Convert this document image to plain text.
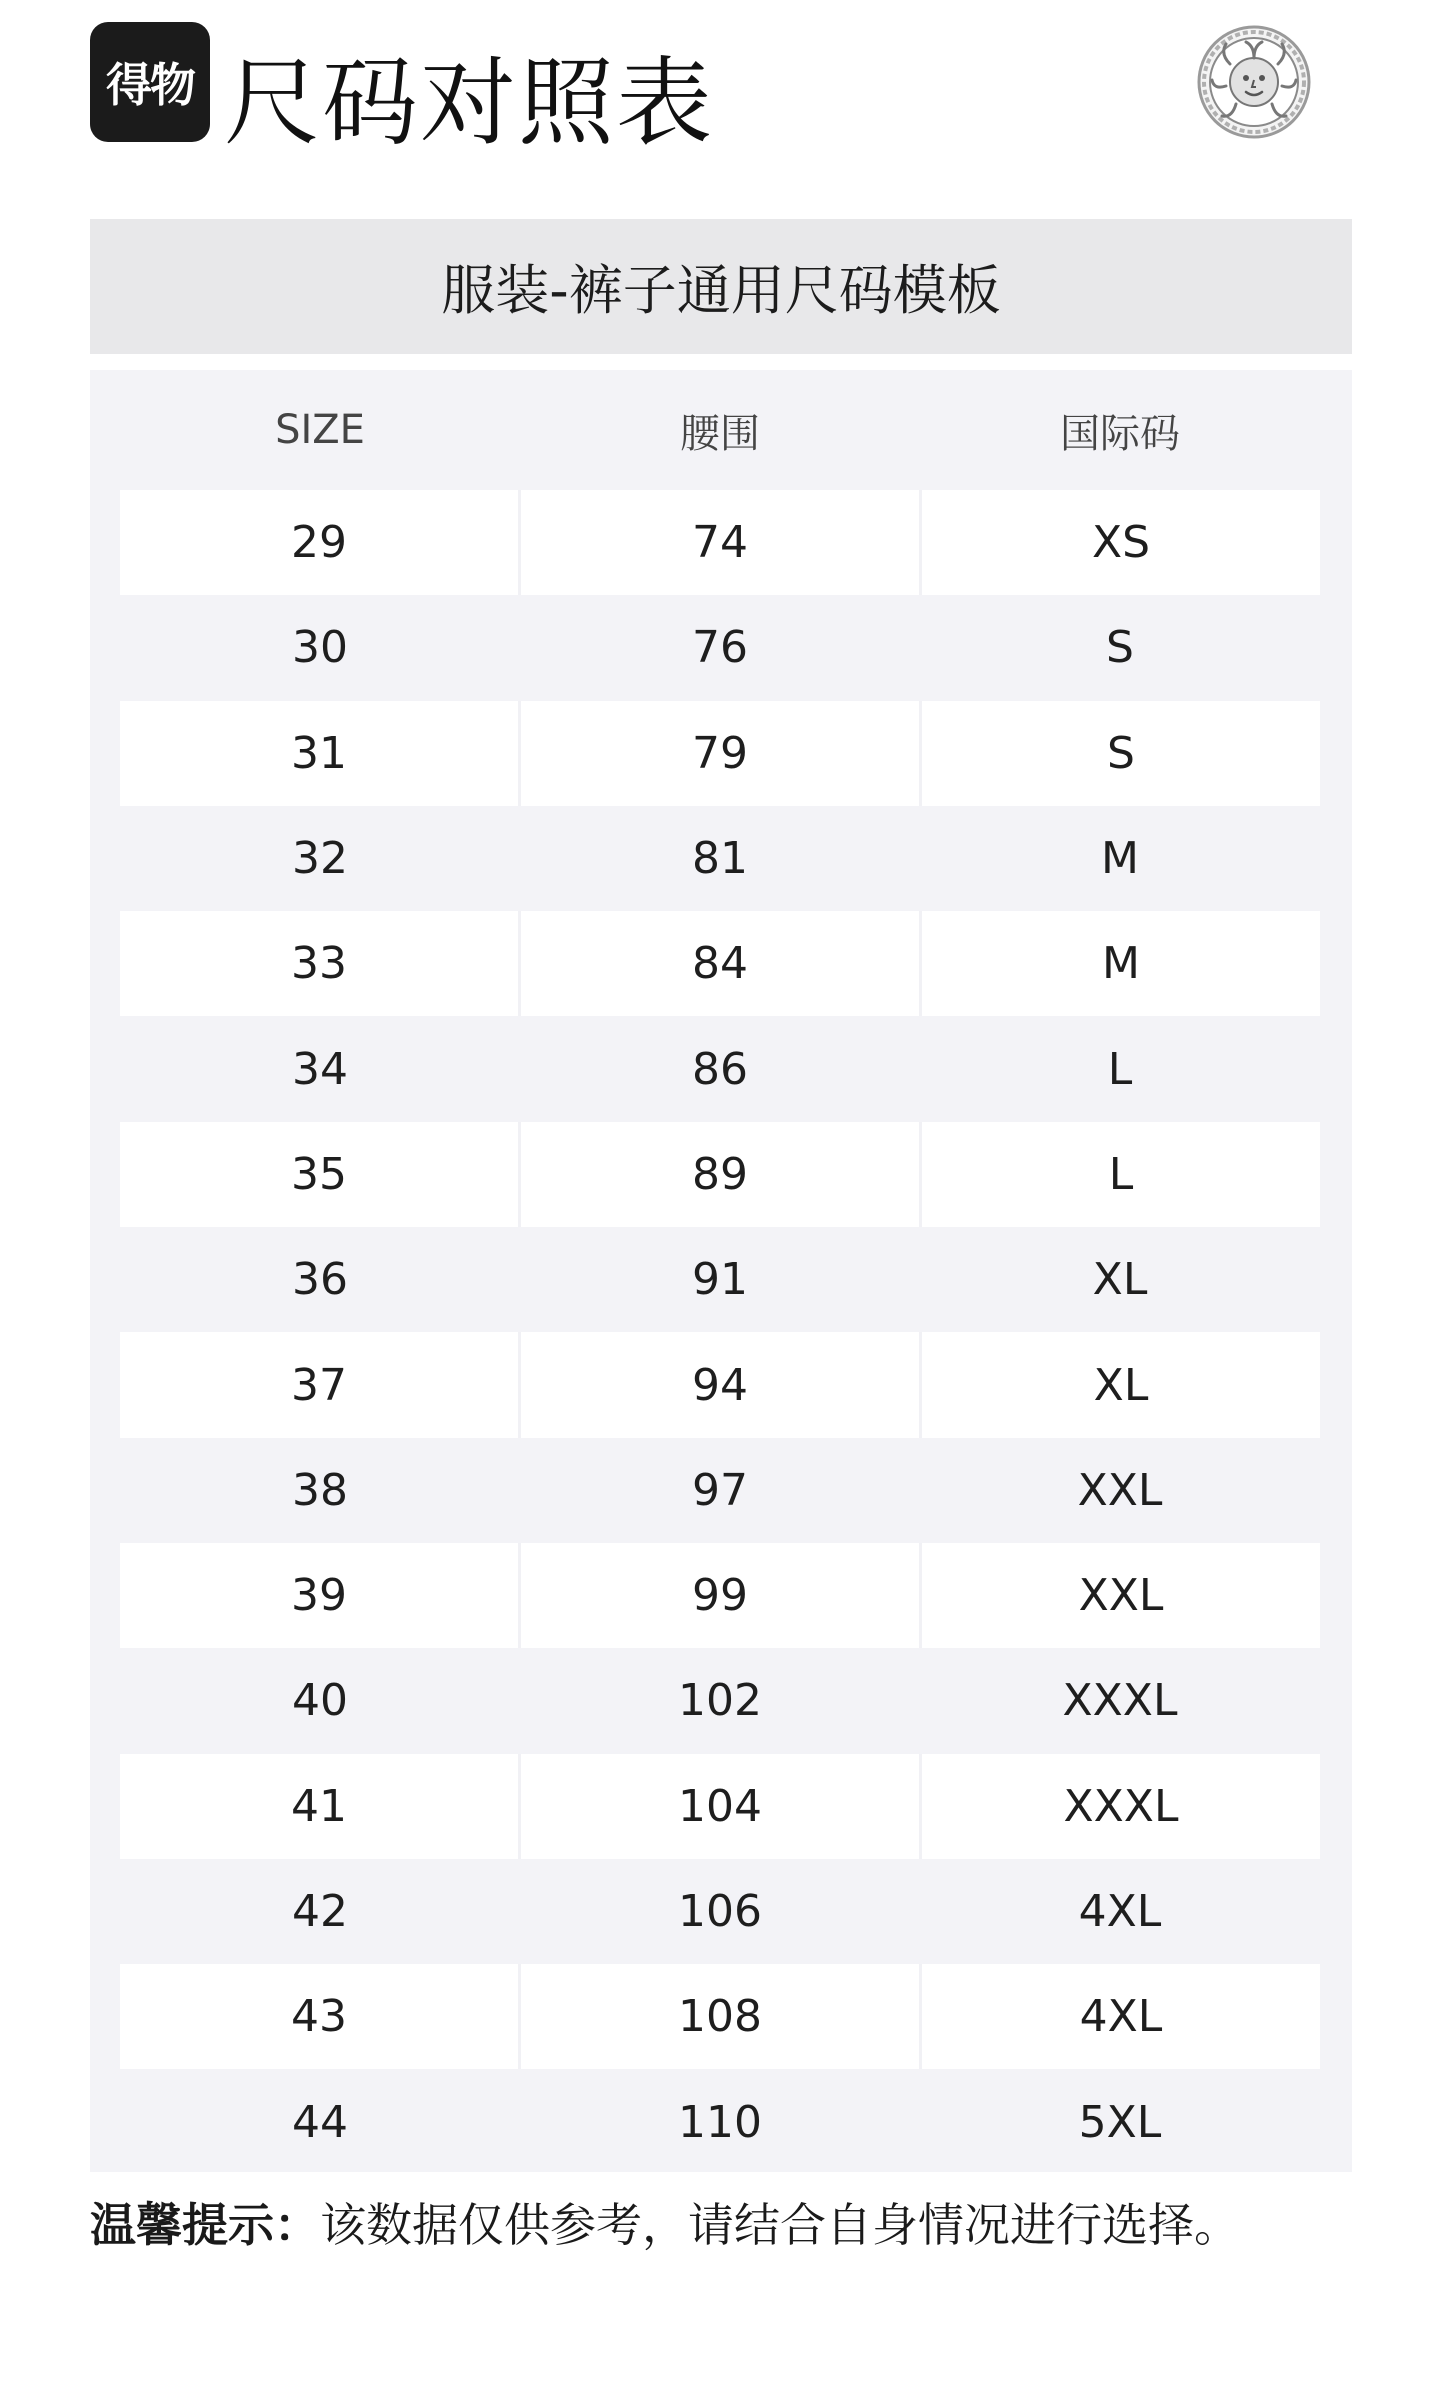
得物 尺码对照表
服装-裤子通用尺码模板
SIZE	腰围	国际码
29	74	XS
30	76	S
31	79	S
32	81	M
33	84	M
34	86	L
35	89	L
36	91	XL
37	94	XL
38	97	XXL
39	99	XXL
40	102	XXXL
41	104	XXXL
42	106	4XL
43	108	4XL
44	110	5XL
温馨提示：该数据仅供参考，请结合自身情况进行选择。
